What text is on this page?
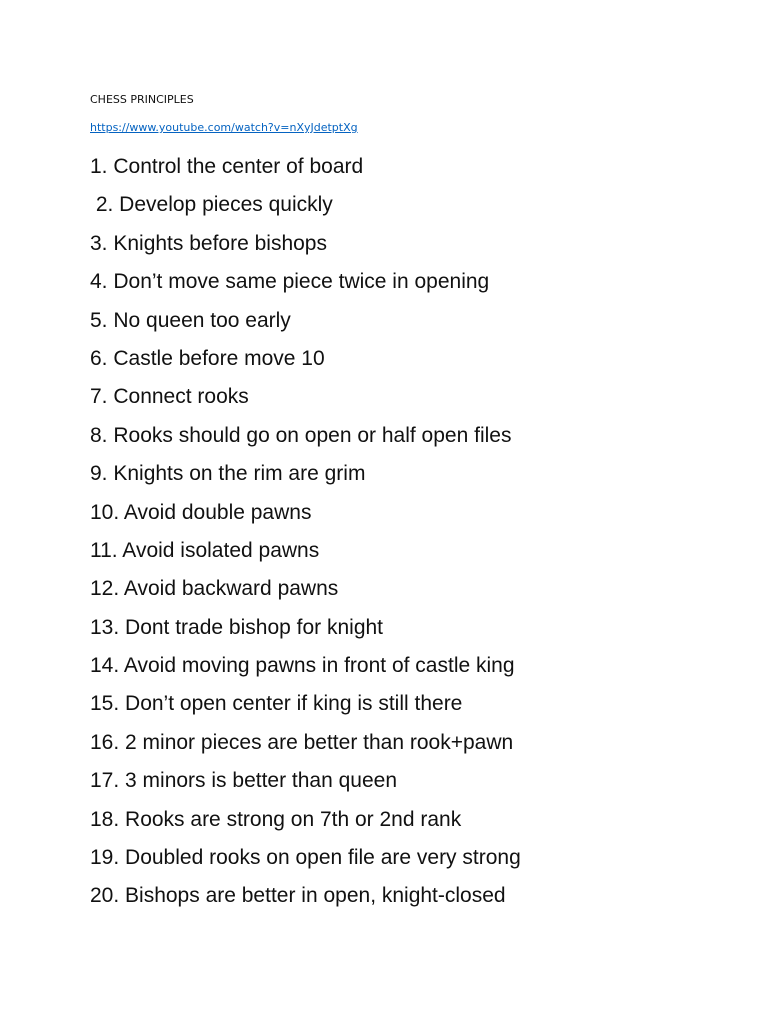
CHESS PRINCIPLES
https://www.youtube.com/watch?v=nXyJdetptXg
1. Control the center of board
2. Develop pieces quickly
3. Knights before bishops
4. Don’t move same piece twice in opening
5. No queen too early
6. Castle before move 10
7. Connect rooks
8. Rooks should go on open or half open files
9. Knights on the rim are grim
10. Avoid double pawns
11. Avoid isolated pawns
12. Avoid backward pawns
13. Dont trade bishop for knight
14. Avoid moving pawns in front of castle king
15. Don’t open center if king is still there
16. 2 minor pieces are better than rook+pawn
17. 3 minors is better than queen
18. Rooks are strong on 7th or 2nd rank
19. Doubled rooks on open file are very strong
20. Bishops are better in open, knight-closed
